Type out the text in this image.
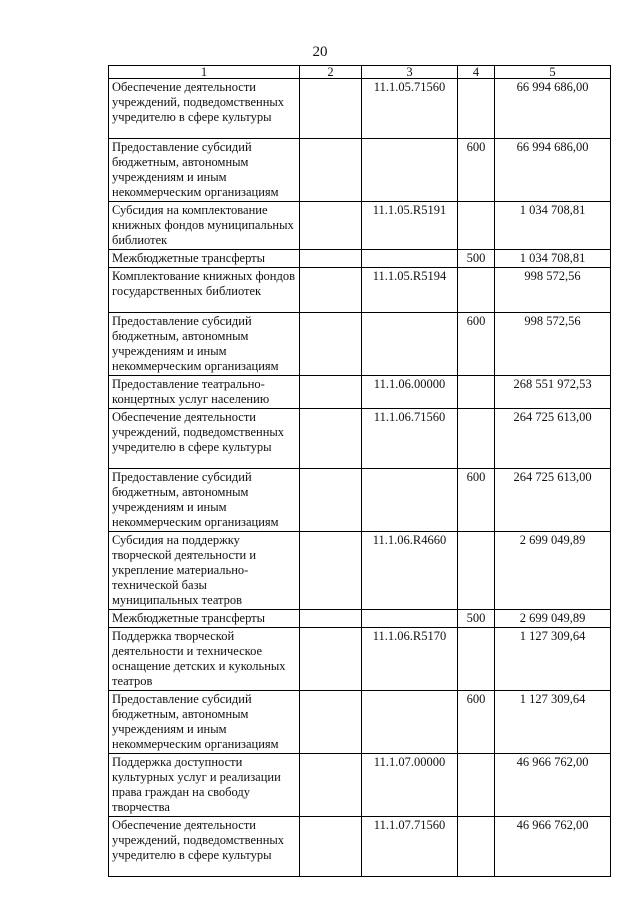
20
1	2	3	4	5
Обеспечение деятельности учреждений, подведомственных учредителю в сфере культуры		11.1.05.71560		66 994 686,00
Предоставление субсидий бюджетным, автономным учреждениям и иным некоммерческим организациям			600	66 994 686,00
Субсидия на комплектование книжных фондов муниципальных библиотек		11.1.05.R5191		1 034 708,81
Межбюджетные трансферты			500	1 034 708,81
Комплектование книжных фондов государственных библиотек		11.1.05.R5194		998 572,56
Предоставление субсидий бюджетным, автономным учреждениям и иным некоммерческим организациям			600	998 572,56
Предоставление театрально-концертных услуг населению		11.1.06.00000		268 551 972,53
Обеспечение деятельности учреждений, подведомственных учредителю в сфере культуры		11.1.06.71560		264 725 613,00
Предоставление субсидий бюджетным, автономным учреждениям и иным некоммерческим организациям			600	264 725 613,00
Субсидия на поддержку творческой деятельности и укрепление материально-технической базы муниципальных театров		11.1.06.R4660		2 699 049,89
Межбюджетные трансферты			500	2 699 049,89
Поддержка творческой деятельности и техническое оснащение детских и кукольных театров		11.1.06.R5170		1 127 309,64
Предоставление субсидий бюджетным, автономным учреждениям и иным некоммерческим организациям			600	1 127 309,64
Поддержка доступности культурных услуг и реализации права граждан на свободу творчества		11.1.07.00000		46 966 762,00
Обеспечение деятельности учреждений, подведомственных учредителю в сфере культуры		11.1.07.71560		46 966 762,00
